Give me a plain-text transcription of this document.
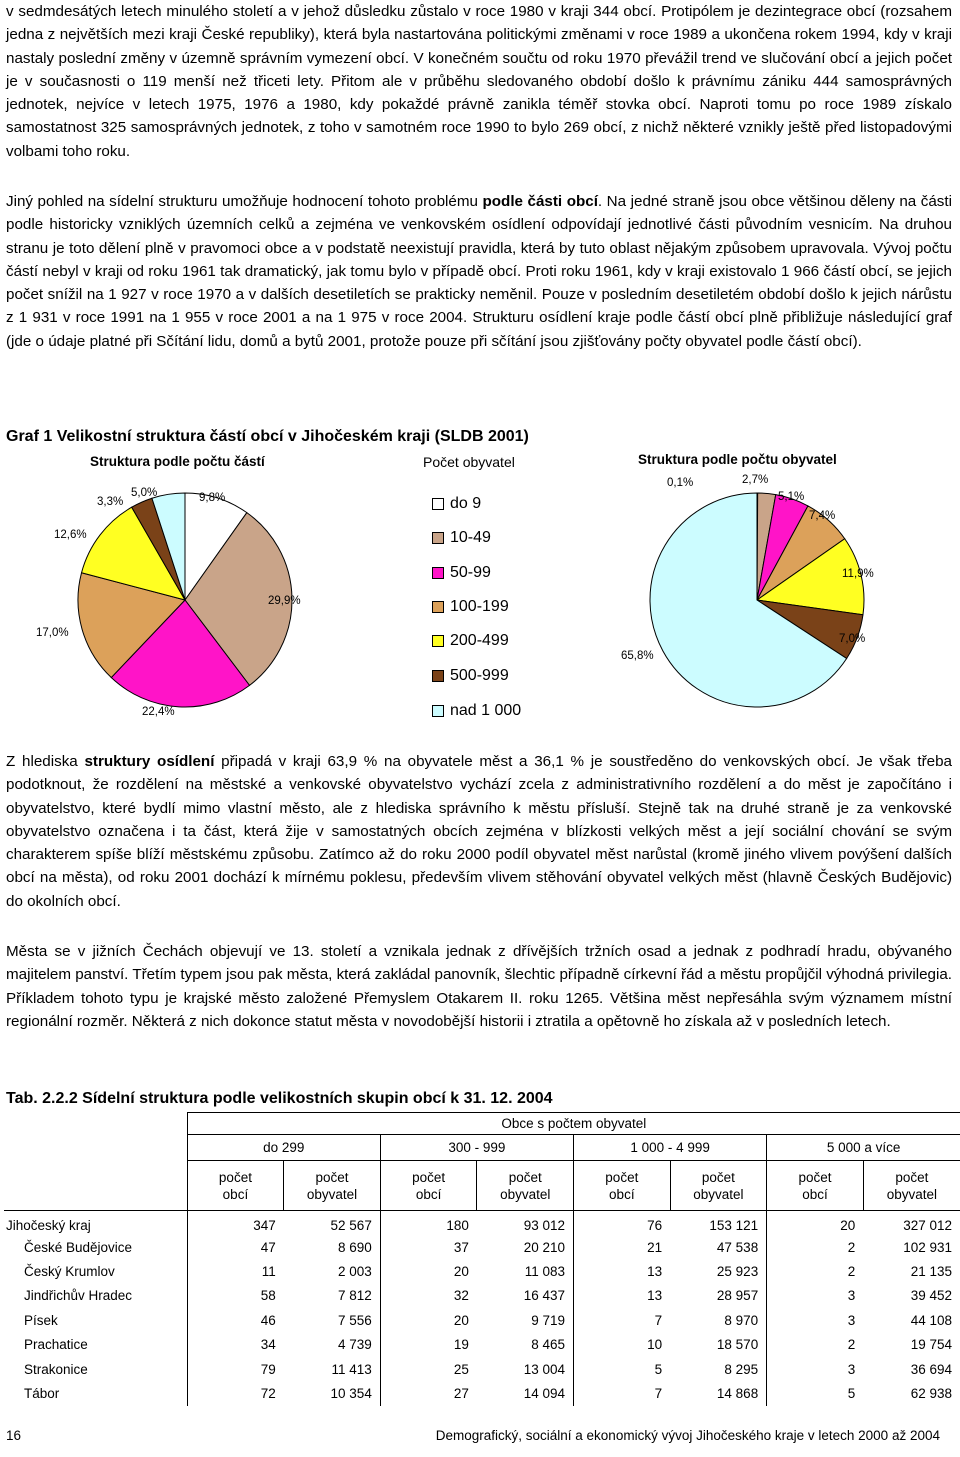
v sedmdesátých letech minulého století a v jehož důsledku zůstalo v roce 1980 v kraji 344 obcí. Protipólem je dezintegrace obcí (rozsahem jedna z největších mezi kraji České republiky), která byla nastartována politickými změnami v roce 1989 a ukončena rokem 1994, kdy v kraji nastaly poslední změny v územně správním vymezení obcí. V konečném součtu od roku 1970 převážil trend ve slučování obcí a jejich počet je v současnosti o 119 menší než třiceti lety. Přitom ale v průběhu sledovaného období došlo k právnímu zániku 444 samosprávných jednotek, nejvíce v letech 1975, 1976 a 1980, kdy pokaždé právně zanikla téměř stovka obcí. Naproti tomu po roce 1989 získalo samostatnost 325 samosprávných jednotek, z toho v samotném roce 1990 to bylo 269 obcí, z nichž některé vznikly ještě před listopadovými volbami toho roku.

Jiný pohled na sídelní strukturu umožňuje hodnocení tohoto problému podle části obcí. Na jedné straně jsou obce většinou děleny na části podle historicky vzniklých územních celků a zejména ve venkovském osídlení odpovídají jednotlivé části původním vesnicím. Na druhou stranu je toto dělení plně v pravomoci obce a v podstatě neexistují pravidla, která by tuto oblast nějakým způsobem upravovala. Vývoj počtu částí nebyl v kraji od roku 1961 tak dramatický, jak tomu bylo v případě obcí. Proti roku 1961, kdy v kraji existovalo 1 966 částí obcí, se jejich počet snížil na 1 927 v roce 1970 a v dalších desetiletích se prakticky neměnil. Pouze v posledním desetiletém období došlo k jejich nárůstu z 1 931 v roce 1991 na 1 955 v roce 2001 a na 1 975 v roce 2004. Strukturu osídlení kraje podle částí obcí plně přibližuje následující graf (jde o údaje platné při Sčítání lidu, domů a bytů 2001, protože pouze při sčítání jsou zjišťovány počty obyvatel podle částí obcí).

Graf 1 Velikostní struktura částí obcí v Jihočeském kraji (SLDB 2001)

Struktura podle počtu částí	Počet obyvatel	Struktura podle počtu obyvatel
9,8%
29,9%
22,4%
17,0%
12,6%
3,3%
5,0%
0,1%	2,7%
5,1%
7,4%
11,9%
7,0%
65,8%
do 9
10-49
50-99
100-199
200-499
500-999
nad 1 000

Z hlediska struktury osídlení připadá v kraji 63,9 % na obyvatele měst a 36,1 % je soustředěno do venkovských obcí. Je však třeba podotknout, že rozdělení na městské a venkovské obyvatelstvo vychází zcela z administrativního rozdělení a do měst je započítáno i obyvatelstvo, které bydlí mimo vlastní město, ale z hlediska správního k městu přísluší. Stejně tak na druhé straně je za venkovské obyvatelstvo označena i ta část, která žije v samostatných obcích zejména v blízkosti velkých měst a její sociální chování se svým charakterem spíše blíží městskému způsobu. Zatímco až do roku 2000 podíl obyvatel měst narůstal (kromě jiného vlivem povýšení dalších obcí na města), od roku 2001 dochází k mírnému poklesu, především vlivem stěhování obyvatel velkých měst (hlavně Českých Budějovic) do okolních obcí.

Města se v jižních Čechách objevují ve 13. století a vznikala jednak z dřívějších tržních osad a jednak z podhradí hradu, obývaného majitelem panství. Třetím typem jsou pak města, která zakládal panovník, šlechtic případně církevní řád a městu propůjčil výhodná privilegia. Příkladem tohoto typu je krajské město založené Přemyslem Otakarem II. roku 1265. Většina měst nepřesáhla svým významem místní regionální rozměr. Některá z nich dokonce statut města v novodobější historii i ztratila a opětovně ho získala až v posledních letech.

Tab. 2.2.2 Sídelní struktura podle velikostních skupin obcí k 31. 12. 2004

	Obce s počtem obyvatel							
	do 299		300 - 999		1 000 - 4 999		5 000 a více	
	počet
obcí	počet
obyvatel	počet
obcí	počet
obyvatel	počet
obcí	počet
obyvatel	počet
obcí	počet
obyvatel
Jihočeský kraj	347	52 567	180	93 012	76	153 121	20	327 012
České Budějovice	47	8 690	37	20 210	21	47 538	2	102 931
Český Krumlov	11	2 003	20	11 083	13	25 923	2	21 135
Jindřichův Hradec	58	7 812	32	16 437	13	28 957	3	39 452
Písek	46	7 556	20	9 719	7	8 970	3	44 108
Prachatice	34	4 739	19	8 465	10	18 570	2	19 754
Strakonice	79	11 413	25	13 004	5	8 295	3	36 694
Tábor	72	10 354	27	14 094	7	14 868	5	62 938
16	Demografický, sociální a ekonomický vývoj Jihočeského kraje v letech 2000 až 2004
